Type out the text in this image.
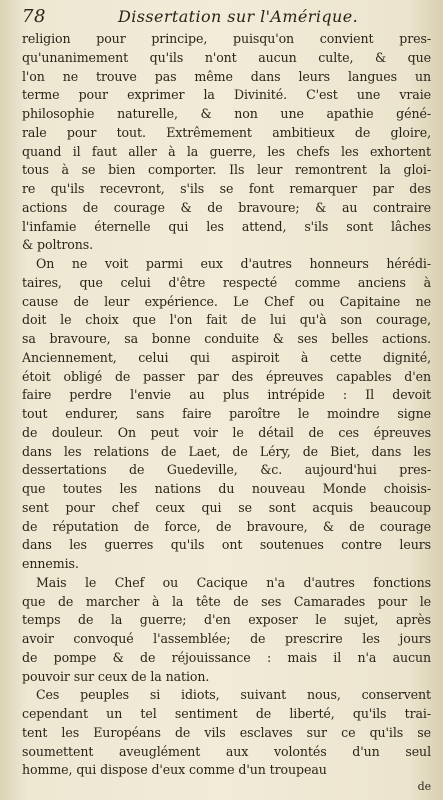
78	Dissertation sur l'Amérique.
religion pour principe, puisqu'on convient pres-
qu'unanimement qu'ils n'ont aucun culte, & que
l'on ne trouve pas même dans leurs langues un
terme pour exprimer la Divinité. C'est une vraie
philosophie naturelle, & non une apathie géné-
rale pour tout. Extrêmement ambitieux de gloire,
quand il faut aller à la guerre, les chefs les exhortent
tous à se bien comporter. Ils leur remontrent la gloi-
re qu'ils recevront, s'ils se font remarquer par des
actions de courage & de bravoure; & au contraire
l'infamie éternelle qui les attend, s'ils sont lâches
& poltrons.
On ne voit parmi eux d'autres honneurs hérédi-
taires, que celui d'être respecté comme anciens à
cause de leur expérience. Le Chef ou Capitaine ne
doit le choix que l'on fait de lui qu'à son courage,
sa bravoure, sa bonne conduite & ses belles actions.
Anciennement, celui qui aspiroit à cette dignité,
étoit obligé de passer par des épreuves capables d'en
faire perdre l'envie au plus intrépide : Il devoit
tout endurer, sans faire paroître le moindre signe
de douleur. On peut voir le détail de ces épreuves
dans les relations de Laet, de Léry, de Biet, dans les
dessertations de Guedeville, &c. aujourd'hui pres-
que toutes les nations du nouveau Monde choisis-
sent pour chef ceux qui se sont acquis beaucoup
de réputation de force, de bravoure, & de courage
dans les guerres qu'ils ont soutenues contre leurs
ennemis.
Mais le Chef ou Cacique n'a d'autres fonctions
que de marcher à la tête de ses Camarades pour le
temps de la guerre; d'en exposer le sujet, après
avoir convoqué l'assemblée; de prescrire les jours
de pompe & de réjouissance : mais il n'a aucun
pouvoir sur ceux de la nation.
Ces peuples si idiots, suivant nous, conservent
cependant un tel sentiment de liberté, qu'ils trai-
tent les Européans de vils esclaves sur ce qu'ils se
soumettent aveuglément aux volontés d'un seul
homme, qui dispose d'eux comme d'un troupeau
de
